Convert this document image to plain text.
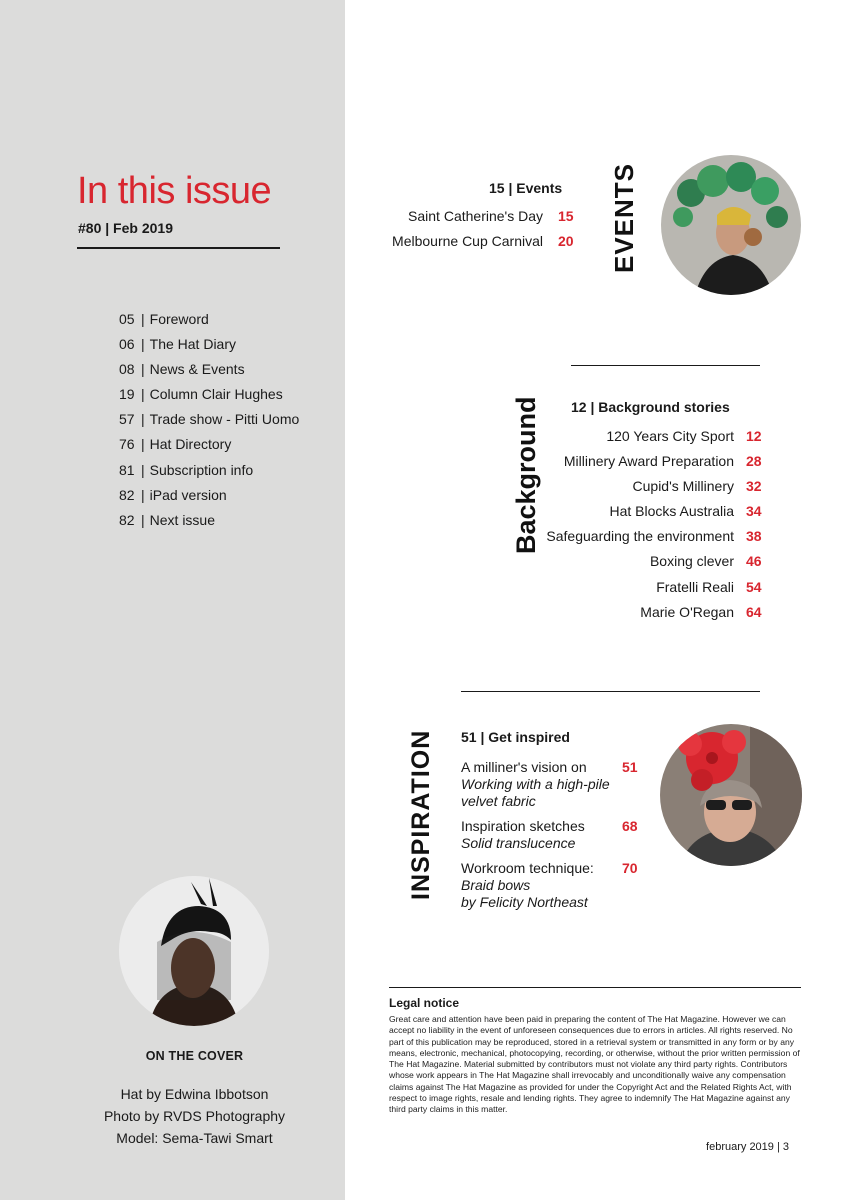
In this issue
#80 | Feb 2019
05 | Foreword
06 | The Hat Diary
08 | News & Events
19 | Column Clair Hughes
57 | Trade show - Pitti Uomo
76 | Hat Directory
81 | Subscription info
82 | iPad version
82 | Next issue
ON THE COVER
Hat by Edwina Ibbotson
Photo by RVDS Photography
Model: Sema-Tawi Smart
15 | Events
Saint Catherine's Day 15
Melbourne Cup Carnival 20	EVENTS
12 | Background stories
Background	120 Years City Sport 12
Millinery Award Preparation 28
Cupid's Millinery 32
Hat Blocks Australia 34
Safeguarding the environment 38
Boxing clever 46
Fratelli Reali 54
Marie O'Regan 64
51 | Get inspired
INSPIRATION A milliner's vision on
Working with a high-pile
velvet fabric
51
Inspiration sketches
Solid translucence
68
Workroom technique:
Braid bows
by Felicity Northeast
70
Legal notice

Great care and attention have been paid in preparing the content of The Hat Magazine. However we can accept no liability in the event of unforeseen consequences due to errors in articles. All rights reserved. No part of this publication may be reproduced, stored in a retrieval system or transmitted in any form or by any means, electronic, mechanical, photocopying, recording, or otherwise, without the prior written permission of The Hat Magazine. Material submitted by contributors must not violate any third party rights. Contributors whose work appears in The Hat Magazine shall irrevocably and unconditionally waive any compensation claims against The Hat Magazine as provided for under the Copyright Act and the Related Rights Act, with respect to image rights, resale and lending rights. They agree to indemnify The Hat Magazine against any third party claims in this matter.

february 2019 | 3
